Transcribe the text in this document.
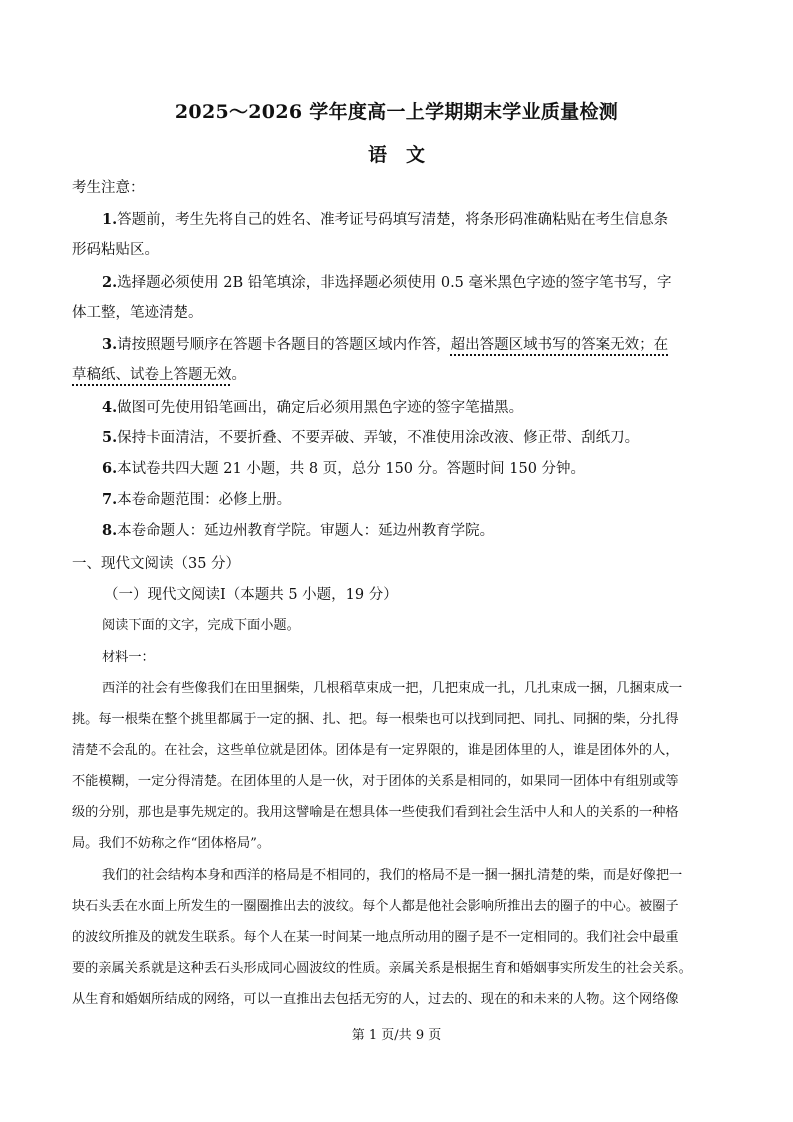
2025～2026 学年度高一上学期期末学业质量检测
语　文
考生注意：
1.答题前，考生先将自己的姓名、准考证号码填写清楚，将条形码准确粘贴在考生信息条
形码粘贴区。
2.选择题必须使用 2B 铅笔填涂，非选择题必须使用 0.5 毫米黑色字迹的签字笔书写，字
体工整，笔迹清楚。
3.请按照题号顺序在答题卡各题目的答题区域内作答，超出答题区域书写的答案无效；在
草稿纸、试卷上答题无效。
4.做图可先使用铅笔画出，确定后必须用黑色字迹的签字笔描黑。
5.保持卡面清洁，不要折叠、不要弄破、弄皱，不准使用涂改液、修正带、刮纸刀。
6.本试卷共四大题 21 小题，共 8 页，总分 150 分。答题时间 150 分钟。
7.本卷命题范围：必修上册。
8.本卷命题人：延边州教育学院。审题人：延边州教育学院。
一、现代文阅读（35 分）
（一）现代文阅读Ⅰ（本题共 5 小题，19 分）
阅读下面的文字，完成下面小题。
材料一：
西洋的社会有些像我们在田里捆柴，几根稻草束成一把，几把束成一扎，几扎束成一捆，几捆束成一
挑。每一根柴在整个挑里都属于一定的捆、扎、把。每一根柴也可以找到同把、同扎、同捆的柴，分扎得
清楚不会乱的。在社会，这些单位就是团体。团体是有一定界限的，谁是团体里的人，谁是团体外的人，
不能模糊，一定分得清楚。在团体里的人是一伙，对于团体的关系是相同的，如果同一团体中有组别或等
级的分别，那也是事先规定的。我用这譬喻是在想具体一些使我们看到社会生活中人和人的关系的一种格
局。我们不妨称之作“团体格局”。
我们的社会结构本身和西洋的格局是不相同的，我们的格局不是一捆一捆扎清楚的柴，而是好像把一
块石头丢在水面上所发生的一圈圈推出去的波纹。每个人都是他社会影响所推出去的圈子的中心。被圈子
的波纹所推及的就发生联系。每个人在某一时间某一地点所动用的圈子是不一定相同的。我们社会中最重
要的亲属关系就是这种丢石头形成同心圆波纹的性质。亲属关系是根据生育和婚姻事实所发生的社会关系。
从生育和婚姻所结成的网络，可以一直推出去包括无穷的人，过去的、现在的和未来的人物。这个网络像
第 1 页/共 9 页
